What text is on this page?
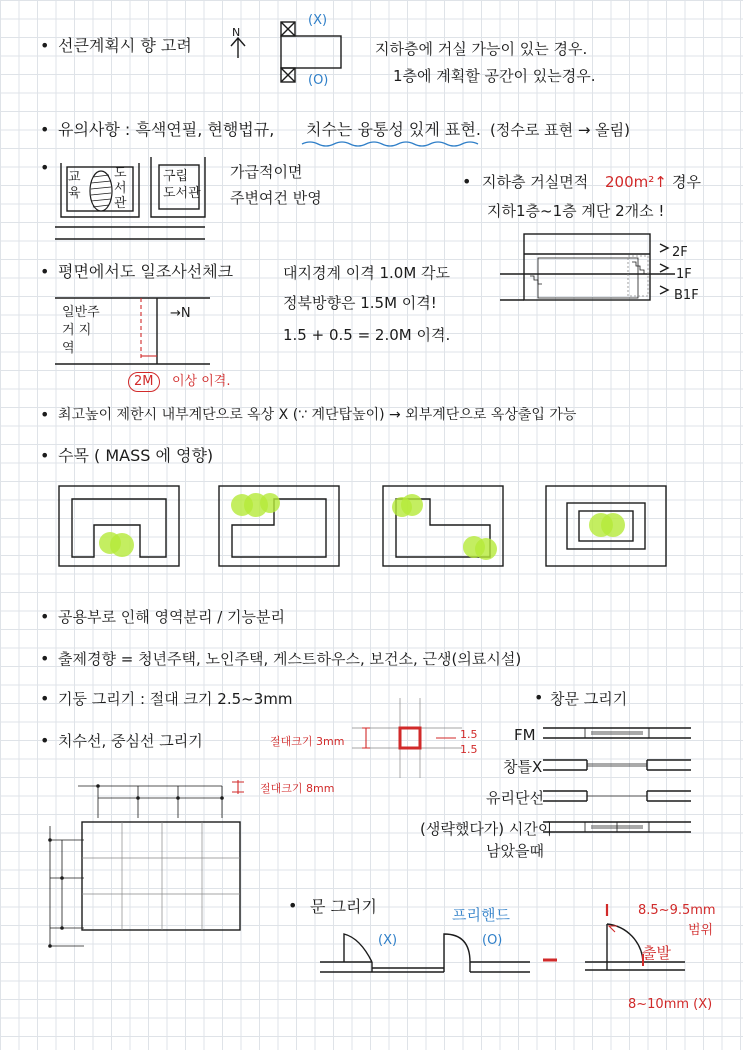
• 선큰계획시 향 고려
N
(X)
(O)
지하층에 거실 가능이 있는 경우.
1층에 계획할 공간이 있는경우.
• 유의사항 : 흑색연필, 현행법규, 치수는 융통성 있게 표현. (정수로 표현 → 올림)
•
교육
도서관
구립 도서관
가급적이면
주변여건 반영
• 지하층 거실면적 200m²↑ 경우
지하1층~1층 계단 2개소 !
2F
1F
B1F
• 평면에서도 일조사선체크
일반주거 지역
→N
2M	이상 이격.
대지경계 이격 1.0M 각도
정북방향은 1.5M 이격!
1.5 + 0.5 = 2.0M 이격.
• 최고높이 제한시 내부계단으로 옥상 X (∵ 계단탑높이) → 외부계단으로 옥상출입 가능
• 수목 ( MASS 에 영향)
• 공용부로 인해 영역분리 / 기능분리
• 출제경향 = 청년주택, 노인주택, 게스트하우스, 보건소, 근생(의료시설)
• 기둥 그리기 : 절대 크기 2.5~3mm
• 치수선, 중심선 그리기	절대크기 3mm
1.5
1.5
절대크기 8mm
• 창문 그리기
FM
창틀X
유리단선
(생략했다가) 시간이
남았을때
• 문 그리기	프리핸드
(X)	(O)
8.5~9.5mm
범위
출발
8~10mm (X)
